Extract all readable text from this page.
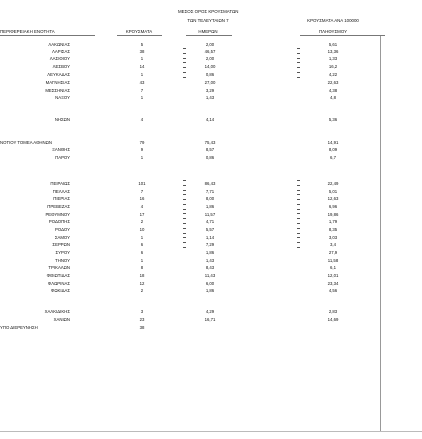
ΜΕΣΟΣ ΟΡΟΣ ΚΡΟΥΣΜΑΤΩΝ
ΤΩΝ ΤΕΛΕΥΤΑΙΩΝ 7	ΚΡΟΥΣΜΑΤΑ ΑΝΑ 100000
ΠΕΡΙΦΕΡΕΙΑΚΗ ΕΝΟΤΗΤΑ	ΚΡΟΥΣΜΑΤΑ	ΗΜΕΡΩΝ	ΠΛΗΘΥΣΜΟΥ
ΛΑΚΩΝΙΑΣ	5	2,00	5,61
ΛΑΡΙΣΑΣ	38	46,57	13,36
ΛΑΣΙΘΙΟΥ	1	2,00	1,33
ΛΕΣΒΟΥ	14	14,00	16,2
ΛΕΥΚΑΔΑΣ	1	0,86	4,22
ΜΑΓΝΗΣΙΑΣ	43	27,00	22,63
ΜΕΣΣΗΝΙΑΣ	7	3,29	4,38
ΝΑΞΟΥ	1	1,43	4,8
ΝΗΣΩΝ	4	4,14	5,36
ΝΟΤΙΟΥ ΤΟΜΕΑ ΑΘΗΝΩΝ	79	75,43	14,91
ΞΑΝΘΗΣ	9	8,57	8,09
ΠΑΡΟΥ	1	0,86	6,7
ΠΕΙΡΑΙΩΣ	101	86,43	22,49
ΠΕΛΛΑΣ	7	7,71	5,01
ΠΙΕΡΙΑΣ	16	8,00	12,63
ΠΡΕΒΕΖΑΣ	4	1,86	6,96
ΡΕΘΥΜΝΟΥ	17	11,57	19,86
ΡΟΔΟΠΗΣ	2	4,71	1,79
ΡΟΔΟΥ	10	5,57	8,35
ΣΑΜΟΥ	1	1,14	3,03
ΣΕΡΡΩΝ	6	7,29	3,4
ΣΥΡΟΥ	6	1,86	27,9
ΤΗΝΟΥ	1	1,43	11,58
ΤΡΙΚΑΛΩΝ	8	8,43	6,1
ΦΘΙΩΤΙΔΑΣ	18	11,43	12,01
ΦΛΩΡΙΝΑΣ	12	6,00	23,34
ΦΩΚΙΔΑΣ	2	1,86	4,56
ΧΑΛΚΙΔΙΚΗΣ	3	4,29	2,83
ΧΑΝΙΩΝ	23	16,71	14,69
ΥΠΟ ΔΙΕΡΕΥΝΗΣΗ	38
